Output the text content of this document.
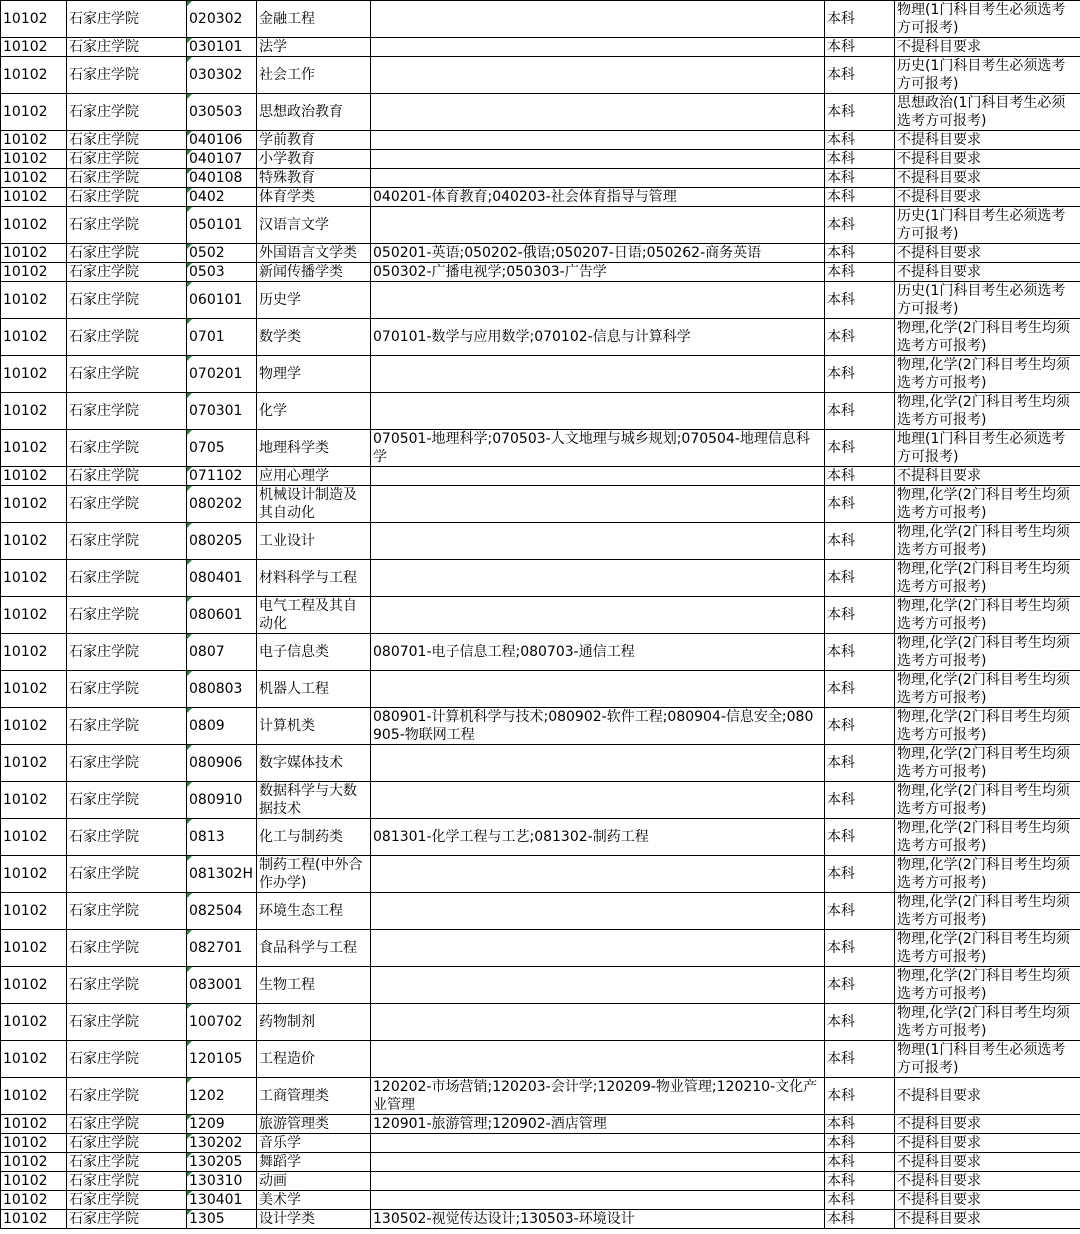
10102	石家庄学院	020302	金融工程		本科	物理(1门科目考生必须选考方可报考)
10102	石家庄学院	030101	法学		本科	不提科目要求
10102	石家庄学院	030302	社会工作		本科	历史(1门科目考生必须选考方可报考)
10102	石家庄学院	030503	思想政治教育		本科	思想政治(1门科目考生必须选考方可报考)
10102	石家庄学院	040106	学前教育		本科	不提科目要求
10102	石家庄学院	040107	小学教育		本科	不提科目要求
10102	石家庄学院	040108	特殊教育		本科	不提科目要求
10102	石家庄学院	0402	体育学类	040201-体育教育;040203-社会体育指导与管理	本科	不提科目要求
10102	石家庄学院	050101	汉语言文学		本科	历史(1门科目考生必须选考方可报考)
10102	石家庄学院	0502	外国语言文学类	050201-英语;050202-俄语;050207-日语;050262-商务英语	本科	不提科目要求
10102	石家庄学院	0503	新闻传播学类	050302-广播电视学;050303-广告学	本科	不提科目要求
10102	石家庄学院	060101	历史学		本科	历史(1门科目考生必须选考方可报考)
10102	石家庄学院	0701	数学类	070101-数学与应用数学;070102-信息与计算科学	本科	物理,化学(2门科目考生均须选考方可报考)
10102	石家庄学院	070201	物理学		本科	物理,化学(2门科目考生均须选考方可报考)
10102	石家庄学院	070301	化学		本科	物理,化学(2门科目考生均须选考方可报考)
10102	石家庄学院	0705	地理科学类	070501-地理科学;070503-人文地理与城乡规划;070504-地理信息科学	本科	地理(1门科目考生必须选考方可报考)
10102	石家庄学院	071102	应用心理学		本科	不提科目要求
10102	石家庄学院	080202	机械设计制造及其自动化		本科	物理,化学(2门科目考生均须选考方可报考)
10102	石家庄学院	080205	工业设计		本科	物理,化学(2门科目考生均须选考方可报考)
10102	石家庄学院	080401	材料科学与工程		本科	物理,化学(2门科目考生均须选考方可报考)
10102	石家庄学院	080601	电气工程及其自动化		本科	物理,化学(2门科目考生均须选考方可报考)
10102	石家庄学院	0807	电子信息类	080701-电子信息工程;080703-通信工程	本科	物理,化学(2门科目考生均须选考方可报考)
10102	石家庄学院	080803	机器人工程		本科	物理,化学(2门科目考生均须选考方可报考)
10102	石家庄学院	0809	计算机类	080901-计算机科学与技术;080902-软件工程;080904-信息安全;080905-物联网工程	本科	物理,化学(2门科目考生均须选考方可报考)
10102	石家庄学院	080906	数字媒体技术		本科	物理,化学(2门科目考生均须选考方可报考)
10102	石家庄学院	080910	数据科学与大数据技术		本科	物理,化学(2门科目考生均须选考方可报考)
10102	石家庄学院	0813	化工与制药类	081301-化学工程与工艺;081302-制药工程	本科	物理,化学(2门科目考生均须选考方可报考)
10102	石家庄学院	081302H	制药工程(中外合作办学)		本科	物理,化学(2门科目考生均须选考方可报考)
10102	石家庄学院	082504	环境生态工程		本科	物理,化学(2门科目考生均须选考方可报考)
10102	石家庄学院	082701	食品科学与工程		本科	物理,化学(2门科目考生均须选考方可报考)
10102	石家庄学院	083001	生物工程		本科	物理,化学(2门科目考生均须选考方可报考)
10102	石家庄学院	100702	药物制剂		本科	物理,化学(2门科目考生均须选考方可报考)
10102	石家庄学院	120105	工程造价		本科	物理(1门科目考生必须选考方可报考)
10102	石家庄学院	1202	工商管理类	120202-市场营销;120203-会计学;120209-物业管理;120210-文化产业管理	本科	不提科目要求
10102	石家庄学院	1209	旅游管理类	120901-旅游管理;120902-酒店管理	本科	不提科目要求
10102	石家庄学院	130202	音乐学		本科	不提科目要求
10102	石家庄学院	130205	舞蹈学		本科	不提科目要求
10102	石家庄学院	130310	动画		本科	不提科目要求
10102	石家庄学院	130401	美术学		本科	不提科目要求
10102	石家庄学院	1305	设计学类	130502-视觉传达设计;130503-环境设计	本科	不提科目要求
